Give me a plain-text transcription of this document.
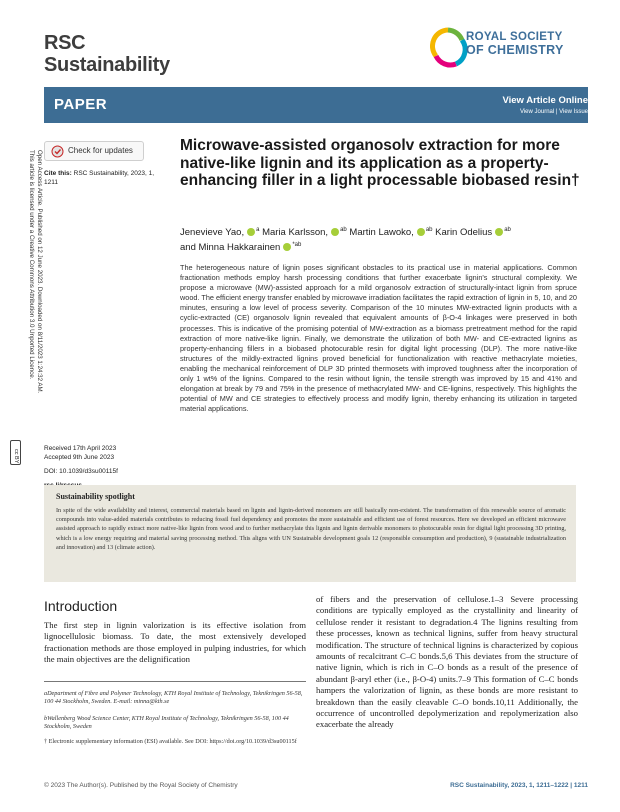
Open Access Article. Published on 12 June 2023. Downloaded on 8/11/2023 1:24:32 AM.
This article is licensed under a Creative Commons Attribution 3.0 Unported Licence.
cc BY
RSC
Sustainability
ROYAL SOCIETY
OF CHEMISTRY
PAPER	View Article Online
View Journal | View Issue
Check for updates
Cite this: RSC Sustainability, 2023, 1, 1211
Received 17th April 2023
Accepted 9th June 2023
DOI: 10.1039/d3su00115f
Microwave-assisted organosolv extraction for more native-like lignin and its application as a property-enhancing filler in a light processable biobased resin†
Jenevieve Yao, $^a$ Maria Karlsson, $^{ab}$ Martin Lawoko, $^{ab}$ Karin Odelius $^{ab}$
and Minna Hakkarainen $^{*ab}$
The heterogeneous nature of lignin poses significant obstacles to its practical use in material applications. Common fractionation methods employ harsh processing conditions that further exacerbate lignin's structural complexity. We propose a microwave (MW)-assisted approach for a mild organosolv extraction of structurally-intact lignin from spruce wood. The efficient energy transfer enabled by microwave irradiation facilitates the rapid extraction of lignin in 5, 10, and 20 minutes, ensuring a low level of process severity. Comparison of the 10 minutes MW-extracted lignin products with a cyclic-extracted (CE) organosolv lignin revealed that equivalent amounts of β-O-4 linkages were preserved in both processes. This is indicative of the promising potential of MW-extraction as a biomass pretreatment method for the rapid extraction of more native-like lignin. Finally, we demonstrate the utilization of both MW- and CE-extracted lignins as property-enhancing fillers in a biobased photocurable resin for digital light processing (DLP). The more native-like structures of the mildly-extracted lignins proved beneficial for functionalization with reactive methacrylate moieties, enabling the mechanical reinforcement of DLP 3D printed thermosets with improved toughness after the incorporation of only 1 wt% of the lignins. Compared to the resin without lignin, the tensile strength was improved by 15 and 41% and elongation at break by 79 and 75% in the presence of methacrylated MW- and CE-lignins, respectively. This highlights the potential of MW and CE strategies to effectively process and modify lignin, thereby enhancing its utilization in targeted material applications.
Sustainability spotlight
In spite of the wide availability and interest, commercial materials based on lignin and lignin-derived monomers are still basically non-existent. The transformation of this renewable source of aromatic compounds into value-added materials contributes to reducing fossil fuel dependency and promotes the more sustainable and efficient use of forest resources. Here we developed an efficient microwave assisted approach to rapidly extract more native-like lignin from wood and to further methacrylate this lignin and lignin derivable monomers to photocurable resin for digital light processing 3D printing, which is a low energy requiring and material saving processing method. This aligns with UN Sustainable development goals 12 (responsible consumption and production), 9 (sustainable industrialization and innovation) and 13 (climate action).
Introduction
The first step in lignin valorization is its effective isolation from lignocellulosic biomass. To date, the most extensively developed fractionation methods are those employed in pulping industries, for which the main objectives are the delignification
of fibers and the preservation of cellulose.1–3 Severe processing conditions are typically employed as the crystallinity and linearity of cellulose render it resistant to degradation.4 The lignins resulting from these processes, known as technical lignins, suffer from heavy structural modification. The structure of technical lignins is characterized by copious amounts of recalcitrant C–C bonds.5,6 This deviates from the structure of native lignin, which is rich in C–O bonds as a result of the presence of abundant β-aryl ether (i.e., β-O-4) units.7–9 This formation of C–C bonds hampers the valorization of lignin, as these bonds are more resistant to breakdown than the easily cleavable C–O bonds.10,11 Additionally, the occurrence of uncontrolled depolymerization and repolymerization also exacerbate the already
aDepartment of Fibre and Polymer Technology, KTH Royal Institute of Technology, Teknikringen 56-58, 100 44 Stockholm, Sweden. E-mail: minna@kth.se
bWallenberg Wood Science Center, KTH Royal Institute of Technology, Teknikringen 56-58, 100 44 Stockholm, Sweden
† Electronic supplementary information (ESI) available. See DOI: https://doi.org/10.1039/d3su00115f
© 2023 The Author(s). Published by the Royal Society of Chemistry	RSC Sustainability, 2023, 1, 1211–1222 | 1211
